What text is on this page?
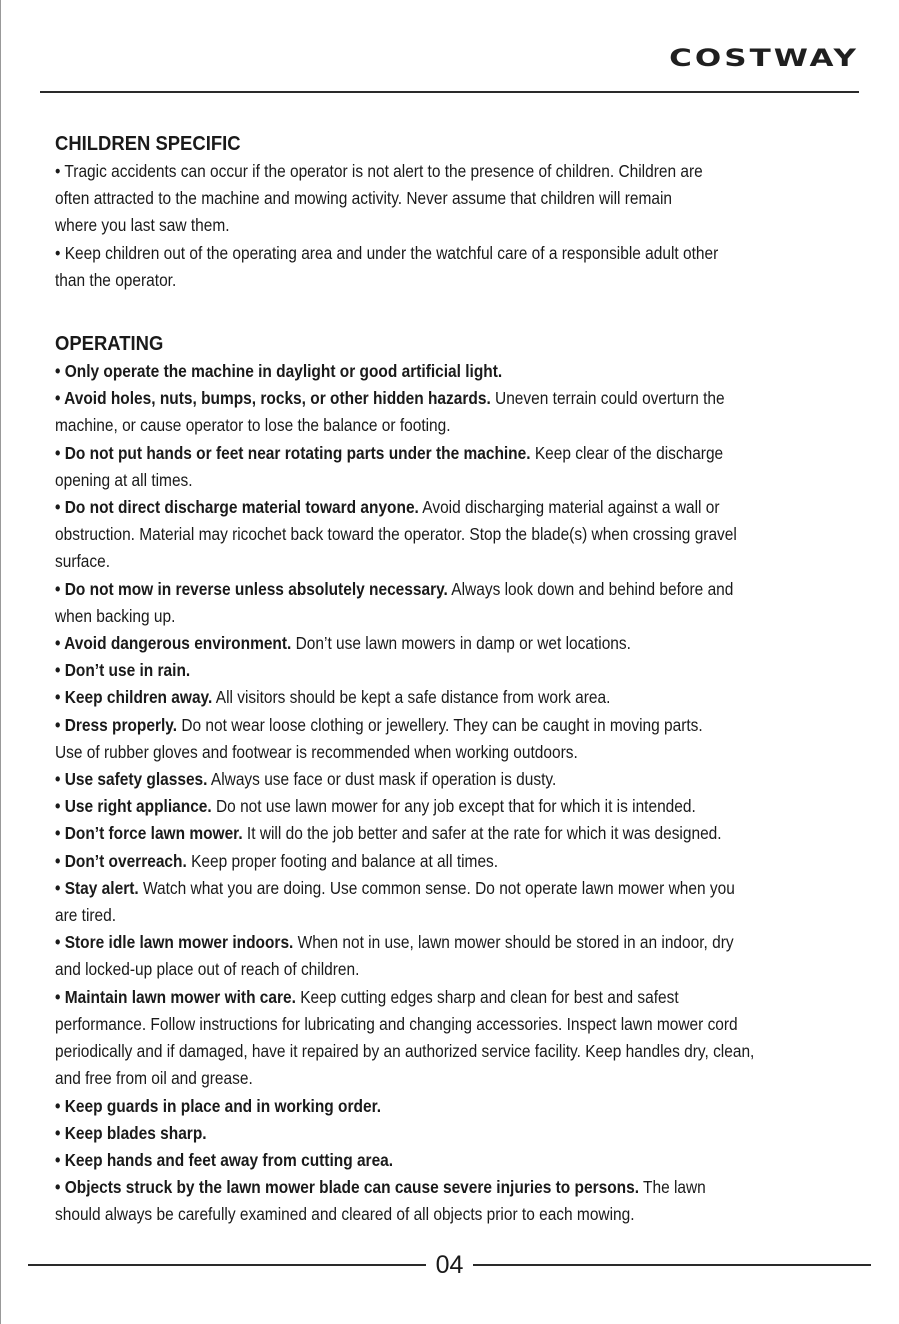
COSTWAY
CHILDREN SPECIFIC

• Tragic accidents can occur if the operator is not alert to the presence of children. Children are

often attracted to the machine and mowing activity. Never assume that children will remain

where you last saw them.

• Keep children out of the operating area and under the watchful care of a responsible adult other

than the operator.

OPERATING

• Only operate the machine in daylight or good artificial light.

• Avoid holes, nuts, bumps, rocks, or other hidden hazards. Uneven terrain could overturn the

machine, or cause operator to lose the balance or footing.

• Do not put hands or feet near rotating parts under the machine. Keep clear of the discharge

opening at all times.

• Do not direct discharge material toward anyone. Avoid discharging material against a wall or

obstruction. Material may ricochet back toward the operator. Stop the blade(s) when crossing gravel

surface.

• Do not mow in reverse unless absolutely necessary. Always look down and behind before and

when backing up.

• Avoid dangerous environment. Don’t use lawn mowers in damp or wet locations.

• Don’t use in rain.

• Keep children away. All visitors should be kept a safe distance from work area.

• Dress properly. Do not wear loose clothing or jewellery. They can be caught in moving parts.

Use of rubber gloves and footwear is recommended when working outdoors.

• Use safety glasses. Always use face or dust mask if operation is dusty.

• Use right appliance. Do not use lawn mower for any job except that for which it is intended.

• Don’t force lawn mower. It will do the job better and safer at the rate for which it was designed.

• Don’t overreach. Keep proper footing and balance at all times.

• Stay alert. Watch what you are doing. Use common sense. Do not operate lawn mower when you

are tired.

• Store idle lawn mower indoors. When not in use, lawn mower should be stored in an indoor, dry

and locked-up place out of reach of children.

• Maintain lawn mower with care. Keep cutting edges sharp and clean for best and safest

performance. Follow instructions for lubricating and changing accessories. Inspect lawn mower cord

periodically and if damaged, have it repaired by an authorized service facility. Keep handles dry, clean,

and free from oil and grease.

• Keep guards in place and in working order.

• Keep blades sharp.

• Keep hands and feet away from cutting area.

• Objects struck by the lawn mower blade can cause severe injuries to persons. The lawn

should always be carefully examined and cleared of all objects prior to each mowing.

04
